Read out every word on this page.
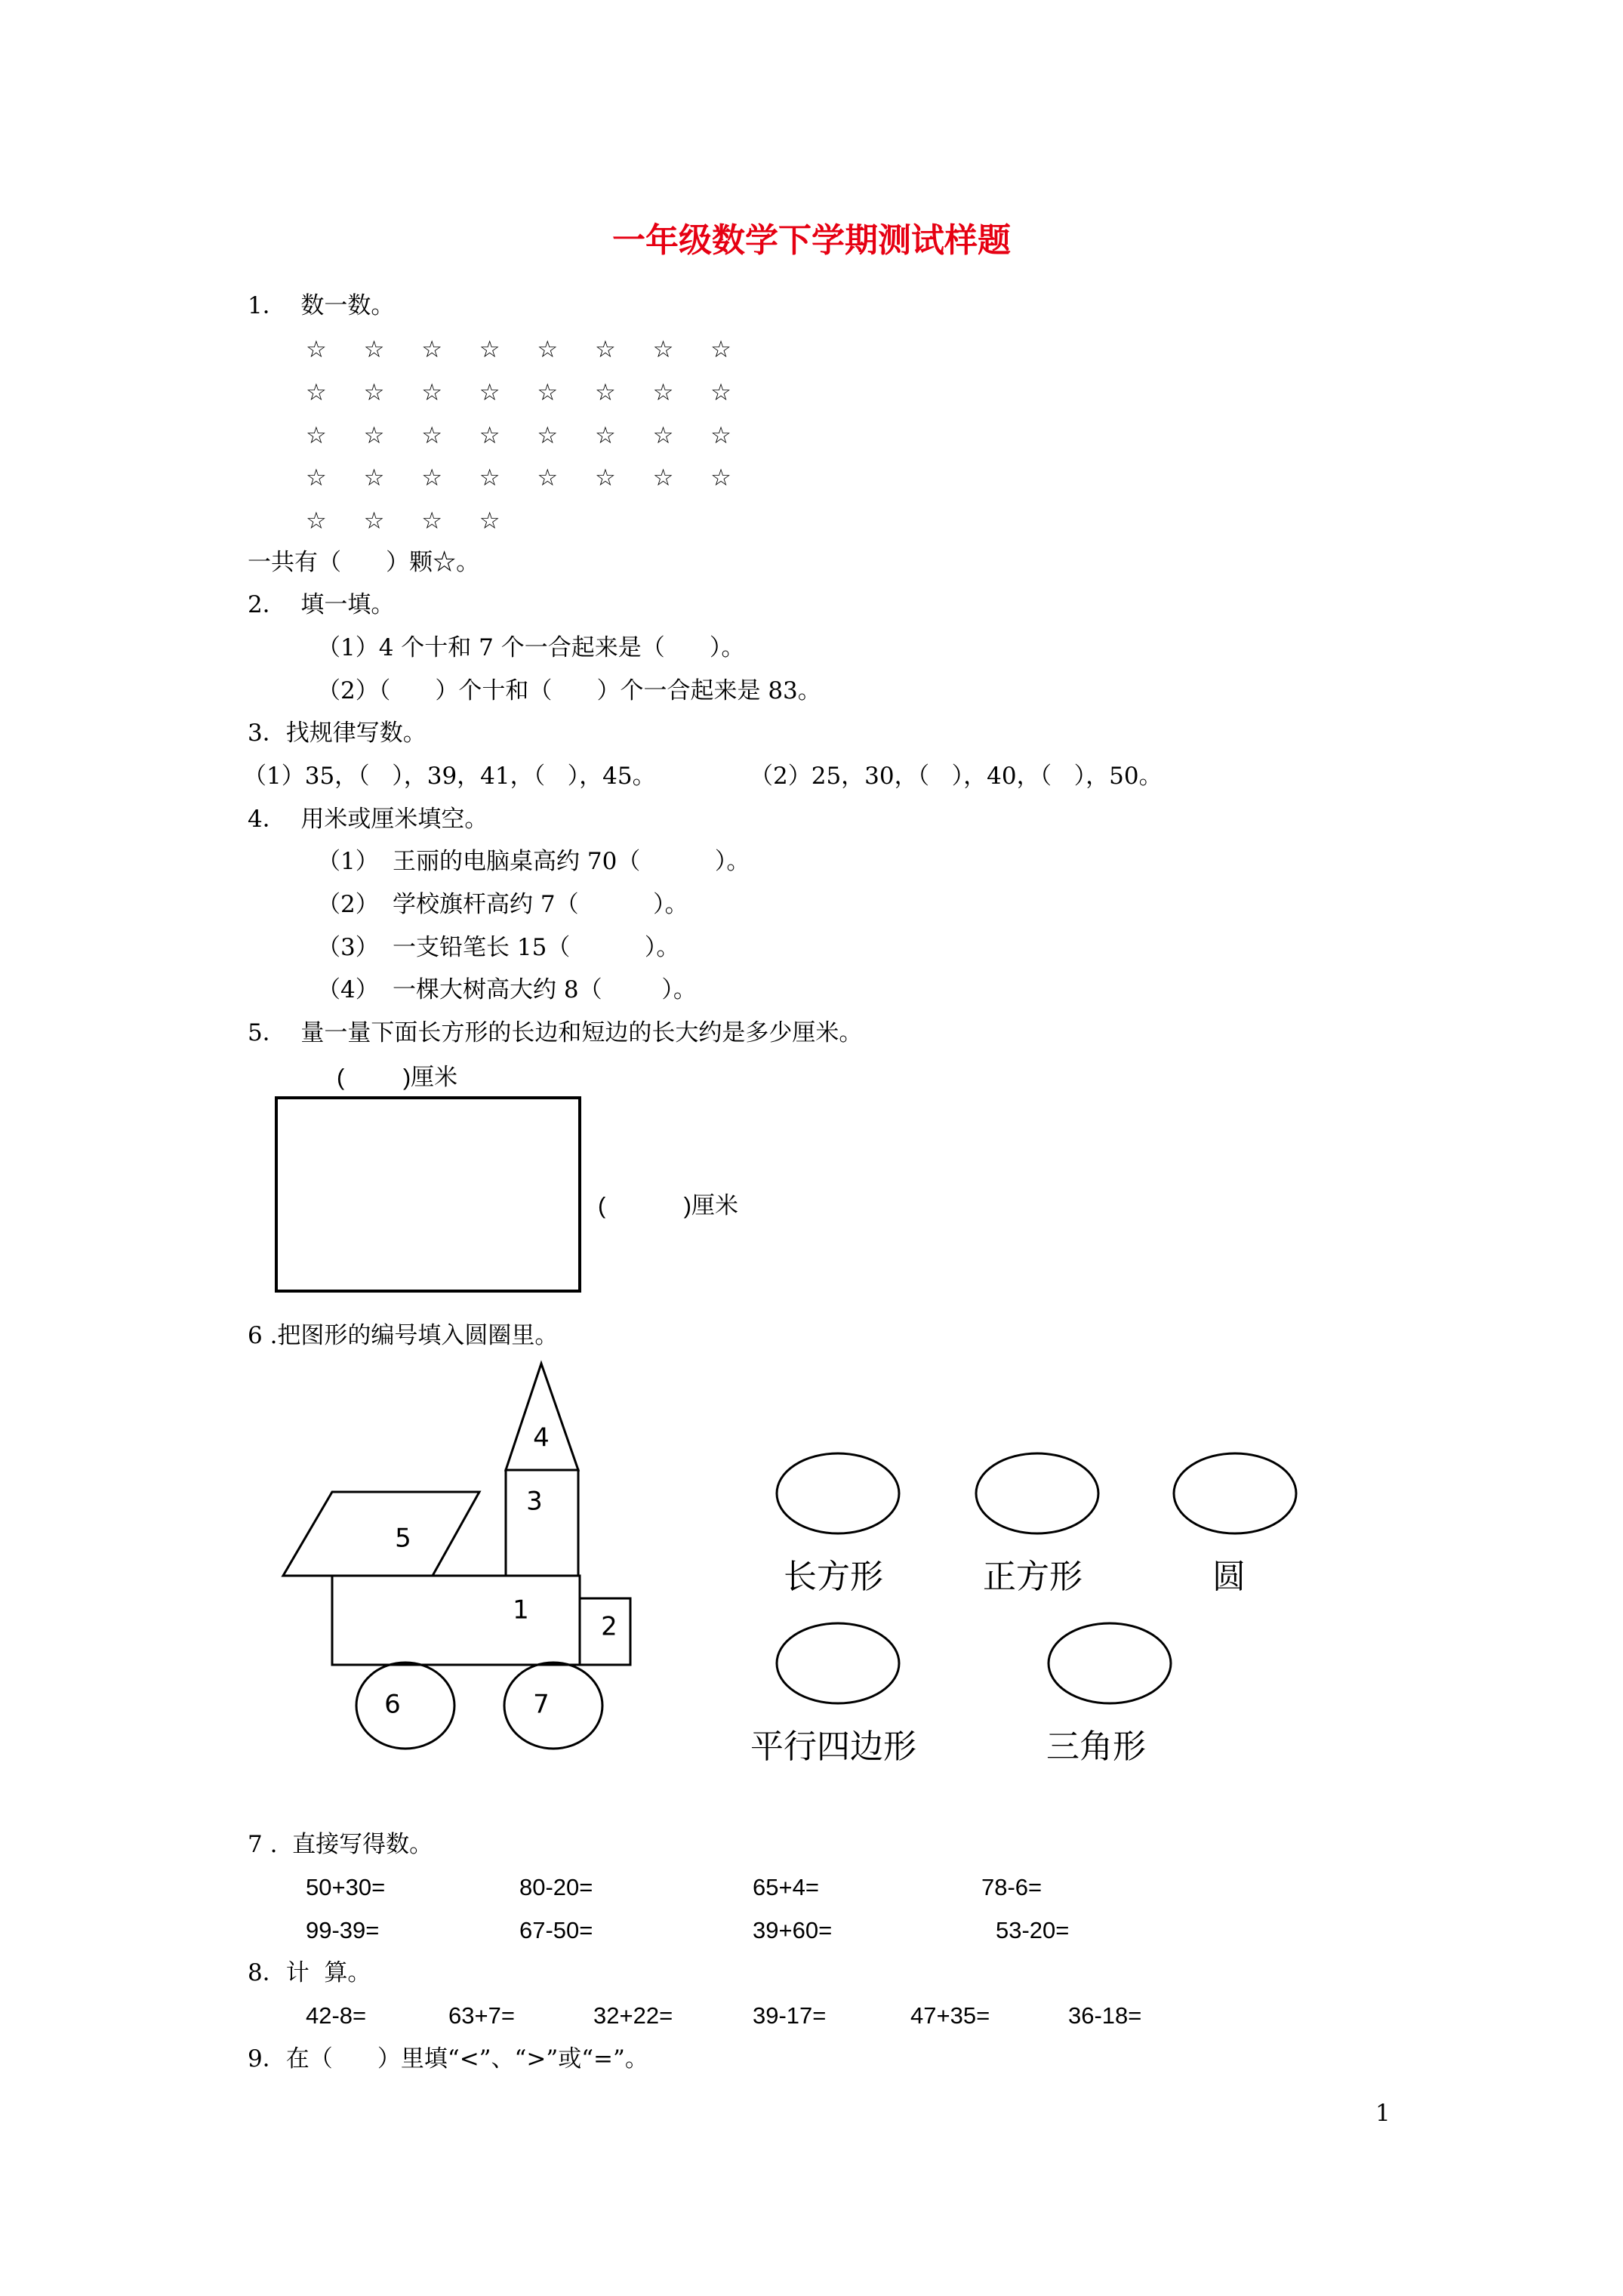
一年级数学下学期测试样题
1．  数一数。
☆	☆	☆	☆	☆	☆	☆	☆
☆	☆	☆	☆	☆	☆	☆	☆
☆	☆	☆	☆	☆	☆	☆	☆
☆	☆	☆	☆	☆	☆	☆	☆
☆	☆	☆	☆
一共有（      ）颗☆。
2．  填一填。
（1）4 个十和 7 个一合起来是（      ）。
（2）（      ）个十和（      ）个一合起来是 83。
3．找规律写数。
（1）35，（   ），39，41，（   ），45。	（2）25，30，（   ），40，（   ），50。
4．  用米或厘米填空。
（1） 王丽的电脑桌高约 70（          ）。
（2） 学校旗杆高约 7（          ）。
（3） 一支铅笔长 15（          ）。
（4） 一棵大树高大约 8（        ）。
5．  量一量下面长方形的长边和短边的长大约是多少厘米。
(         )厘米
(            )厘米
6 .把图形的编号填入圆圈里。
7 .  直接写得数。
50+30=	80-20=	65+4=	78-6=
99-39=	67-50=	39+60=	53-20=
8．计  算。
42-8=	63+7=	32+22=	39-17=	47+35=	36-18=
9．在（      ）里填“<”、“>”或“=”。
1
4
3
5
1
2
6	7
长方形	正方形	圆
平行四边形	三角形
